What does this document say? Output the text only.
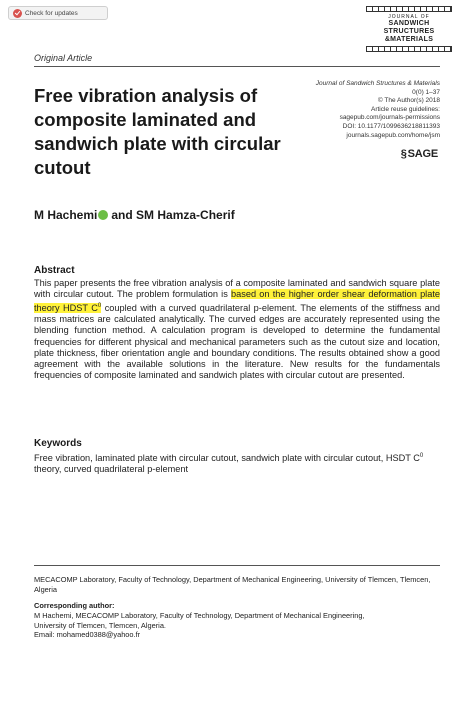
Check for updates
JOURNAL OF
SANDWICH
STRUCTURES
&MATERIALS
Original Article
Free vibration analysis of composite laminated and sandwich plate with circular cutout
Journal of Sandwich Structures & Materials
0(0) 1–37
© The Author(s) 2018
Article reuse guidelines:
sagepub.com/journals-permissions
DOI: 10.1177/1099636218811393
journals.sagepub.com/home/jsm
§ SAGE
M Hachemi and SM Hamza-Cherif
Abstract
This paper presents the free vibration analysis of a composite laminated and sandwich square plate with circular cutout. The problem formulation is based on the higher order shear deformation plate theory HDST $C^0$ coupled with a curved quadrilateral p-element. The elements of the stiffness and mass matrices are calculated analytically. The curved edges are accurately represented using the blending function method. A calculation program is developed to determine the fundamental frequencies for different physical and mechanical parameters such as the cutout size and location, plate thickness, fiber orientation angle and boundary conditions. The results obtained show a good agreement with the available solutions in the literature. New results for the fundamentals frequencies of composite laminated and sandwich plates with circular cutout are presented.
Keywords
Free vibration, laminated plate with circular cutout, sandwich plate with circular cutout, HSDT $C^0$ theory, curved quadrilateral p-element
MECACOMP Laboratory, Faculty of Technology, Department of Mechanical Engineering, University of Tlemcen, Tlemcen, Algeria
Corresponding author:
M Hachemi, MECACOMP Laboratory, Faculty of Technology, Department of Mechanical Engineering,
University of Tlemcen, Tlemcen, Algeria.
Email: mohamed0388@yahoo.fr
